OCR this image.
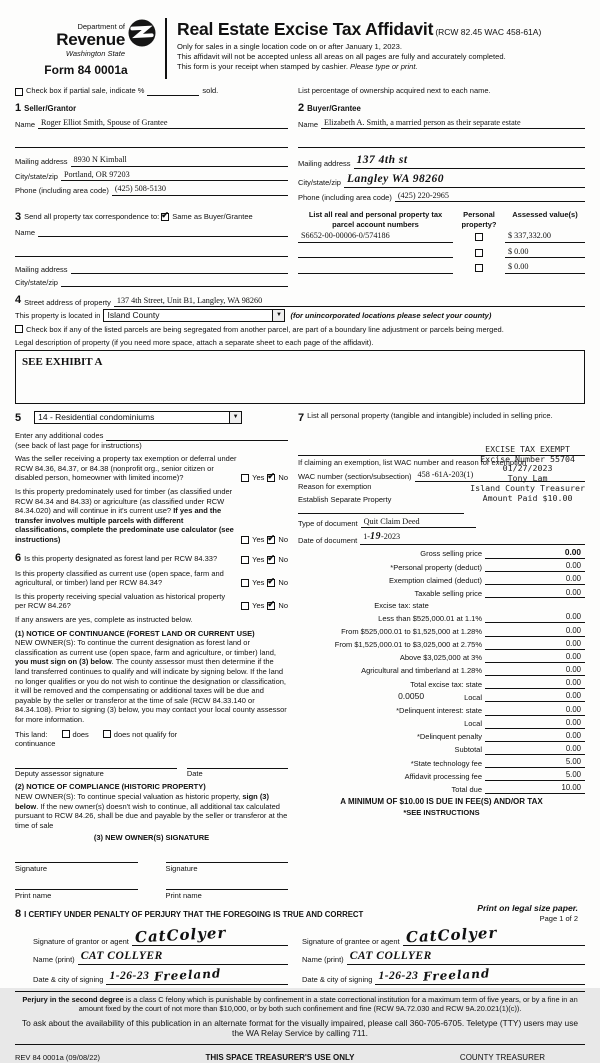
Department of
Revenue
Washington State
Form 84 0001a
Real Estate Excise Tax Affidavit (RCW 82.45 WAC 458-61A)
Only for sales in a single location code on or after January 1, 2023.
This affidavit will not be accepted unless all areas on all pages are fully and accurately completed.
This form is your receipt when stamped by cashier. Please type or print.
Check box if partial sale, indicate %	sold.	List percentage of ownership acquired next to each name.
1 Seller/Grantor
Name Roger Elliot Smith, Spouse of Grantee
Mailing address 8930 N Kimball
City/state/zip Portland, OR 97203
Phone (including area code) (425) 508-5130
2 Buyer/Grantee
Name Elizabeth A. Smith, a married person as their separate estate
Mailing address 137 4th st
City/state/zip Langley WA 98260
Phone (including area code) (425) 220-2965
3 Send all property tax correspondence to: ✔ Same as Buyer/Grantee
Name
Mailing address
City/state/zip
List all real and personal property tax parcel account numbers
Personal property?
Assessed value(s)
S6652-00-00006-0/574186	$ 337,332.00
$ 0.00
$ 0.00
4 Street address of property 137 4th Street, Unit B1, Langley, WA 98260
This property is located in Island County	▼	(for unincorporated locations please select your county)
Check box if any of the listed parcels are being segregated from another parcel, are part of a boundary line adjustment or parcels being merged.
Legal description of property (if you need more space, attach a separate sheet to each page of the affidavit).
SEE EXHIBIT A
5 14 - Residential condominiums	▼
Enter any additional codes
(see back of last page for instructions)
Was the seller receiving a property tax exemption or deferral under RCW 84.36, 84.37, or 84.38 (nonprofit org., senior citizen or disabled person, homeowner with limited income)?	Yes ✔ No
Is this property predominately used for timber (as classified under RCW 84.34 and 84.33) or agriculture (as classified under RCW 84.34.020) and will continue in it's current use? If yes and the transfer involves multiple parcels with different classifications, complete the predominate use calculator (see instructions)	Yes ✔ No
6 Is this property designated as forest land per RCW 84.33?	Yes ✔ No
Is this property classified as current use (open space, farm and agricultural, or timber) land per RCW 84.34?	Yes ✔ No
Is this property receiving special valuation as historical property per RCW 84.26?	Yes ✔ No
If any answers are yes, complete as instructed below.
(1) NOTICE OF CONTINUANCE (FOREST LAND OR CURRENT USE)
NEW OWNER(S): To continue the current designation as forest land or classification as current use (open space, farm and agriculture, or timber) land, you must sign on (3) below. The county assessor must then determine if the land transferred continues to qualify and will indicate by signing below. If the land no longer qualifies or you do not wish to continue the designation or classification, it will be removed and the compensating or additional taxes will be due and payable by the seller or transferor at the time of sale (RCW 84.33.140 or 84.34.108). Prior to signing (3) below, you may contact your local county assessor for more information.
This land:	does	does not qualify for
continuance
Deputy assessor signature	Date
(2) NOTICE OF COMPLIANCE (HISTORIC PROPERTY)
NEW OWNER(S): To continue special valuation as historic property, sign (3) below. If the new owner(s) doesn't wish to continue, all additional tax calculated pursuant to RCW 84.26, shall be due and payable by the seller or transferor at the time of sale
(3) NEW OWNER(S) SIGNATURE
Signature
Print name
Signature
Print name
7 List all personal property (tangible and intangible) included in selling price.
If claiming an exemption, list WAC number and reason for exemption
WAC number (section/subsection) 458 -61A-203(1)
Reason for exemption
Establish Separate Property
EXCISE TAX EXEMPT
Excise Number 55704
01/27/2023
Tony Lam
Island County Treasurer
Amount Paid $10.00
Type of document Quit Claim Deed
Date of document 1-19-2023
Gross selling price	0.00
*Personal property (deduct)	0.00
Exemption claimed (deduct)	0.00
Taxable selling price	0.00
Excise tax: state
Less than $525,000.01 at 1.1%	0.00
From $525,000.01 to $1,525,000 at 1.28%	0.00
From $1,525,000.01 to $3,025,000 at 2.75%	0.00
Above $3,025,000 at 3%	0.00
Agricultural and timberland at 1.28%	0.00
Total excise tax: state	0.00
0.0050	Local	0.00
*Delinquent interest: state	0.00
Local	0.00
*Delinquent penalty	0.00
Subtotal	0.00
*State technology fee	5.00
Affidavit processing fee	5.00
Total due	10.00
A MINIMUM OF $10.00 IS DUE IN FEE(S) AND/OR TAX
*SEE INSTRUCTIONS
8 I CERTIFY UNDER PENALTY OF PERJURY THAT THE FOREGOING IS TRUE AND CORRECT
Signature of grantor or agent CatColyer
Name (print) CAT COLLYER
Date & city of signing 1-26-23 Freeland
Signature of grantee or agent CatColyer
Name (print) CAT COLLYER
Date & city of signing 1-26-23 Freeland
Perjury in the second degree is a class C felony which is punishable by confinement in a state correctional institution for a maximum term of five years, or by a fine in an amount fixed by the court of not more than $10,000, or by both such confinement and fine (RCW 9A.72.030 and RCW 9A.20.021(1)(c)).
To ask about the availability of this publication in an alternate format for the visually impaired, please call 360-705-6705. Teletype (TTY) users may use the WA Relay Service by calling 711.
REV 84 0001a (09/08/22)	THIS SPACE TREASURER'S USE ONLY	COUNTY TREASURER
Print on legal size paper.
Page 1 of 2
